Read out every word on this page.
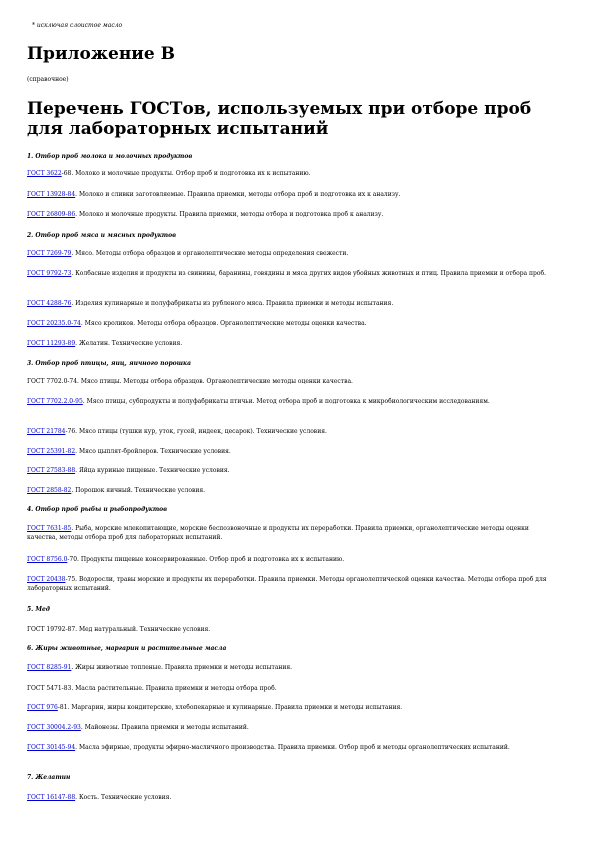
* исключая слоистое масло
Приложение В
(справочное)
Перечень ГОСТов, используемых при отборе проб для лабораторных испытаний
1. Отбор проб молока и молочных продуктов
ГОСТ 3622-68. Молоко и молочные продукты. Отбор проб и подготовка их к испытанию.
ГОСТ 13928-84. Молоко и сливки заготовляемые. Правила приемки, методы отбора проб и подготовка их к анализу.
ГОСТ 26809-86. Молоко и молочные продукты. Правила приемки, методы отбора и подготовка проб к анализу.
2. Отбор проб мяса и мясных продуктов
ГОСТ 7269-79. Мясо. Методы отбора образцов и органолептические методы определения свежести.
ГОСТ 9792-73. Колбасные изделия и продукты из свинины, баранины, говядины и мяса других видов убойных животных и птиц. Правила приемки и отбора проб.
ГОСТ 4288-76. Изделия кулинарные и полуфабрикаты из рубленого мяса. Правила приемки и методы испытания.
ГОСТ 20235.0-74. Мясо кроликов. Методы отбора образцов. Органолептические методы оценки качества.
ГОСТ 11293-89. Желатин. Технические условия.
3. Отбор проб птицы, яиц, яичного порошка
ГОСТ 7702.0-74. Мясо птицы. Методы отбора образцов. Органолептические методы оценки качества.
ГОСТ 7702.2.0-95. Мясо птицы, субпродукты и полуфабрикаты птичьи. Метод отбора проб и подготовка к микробиологическим исследованиям.
ГОСТ 21784-76. Мясо птицы (тушки кур, уток, гусей, индеек, цесарок). Технические условия.
ГОСТ 25391-82. Мясо цыплят-бройлеров. Технические условия.
ГОСТ 27583-88. Яйца куриные пищевые. Технические условия.
ГОСТ 2858-82. Порошок яичный. Технические условия.
4. Отбор проб рыбы и рыбопродуктов
ГОСТ 7631-85. Рыба, морские млекопитающие, морские беспозвоночные и продукты их переработки. Правила приемки, органолептические методы оценки качества, методы отбора проб для лабораторных испытаний.
ГОСТ 8756.0-70. Продукты пищевые консервированные. Отбор проб и подготовка их к испытанию.
ГОСТ 20438-75. Водоросли, травы морские и продукты их переработки. Правила приемки. Методы органолептической оценки качества. Методы отбора проб для лабораторных испытаний.
5. Мед
ГОСТ 19792-87. Мед натуральный. Технические условия.
6. Жиры животные, маргарин и растительные масла
ГОСТ 8285-91. Жиры животные топленые. Правила приемки и методы испытания.
ГОСТ 5471-83. Масла растительные. Правила приемки и методы отбора проб.
ГОСТ 976-81. Маргарин, жиры кондитерские, хлебопекарные и кулинарные. Правила приемки и методы испытания.
ГОСТ 30004.2-93. Майонезы. Правила приемки и методы испытаний.
ГОСТ 30145-94. Масла эфирные, продукты эфирно-масличного производства. Правила приемки. Отбор проб и методы органолептических испытаний.
7. Желатин
ГОСТ 16147-88. Кость. Технические условия.
